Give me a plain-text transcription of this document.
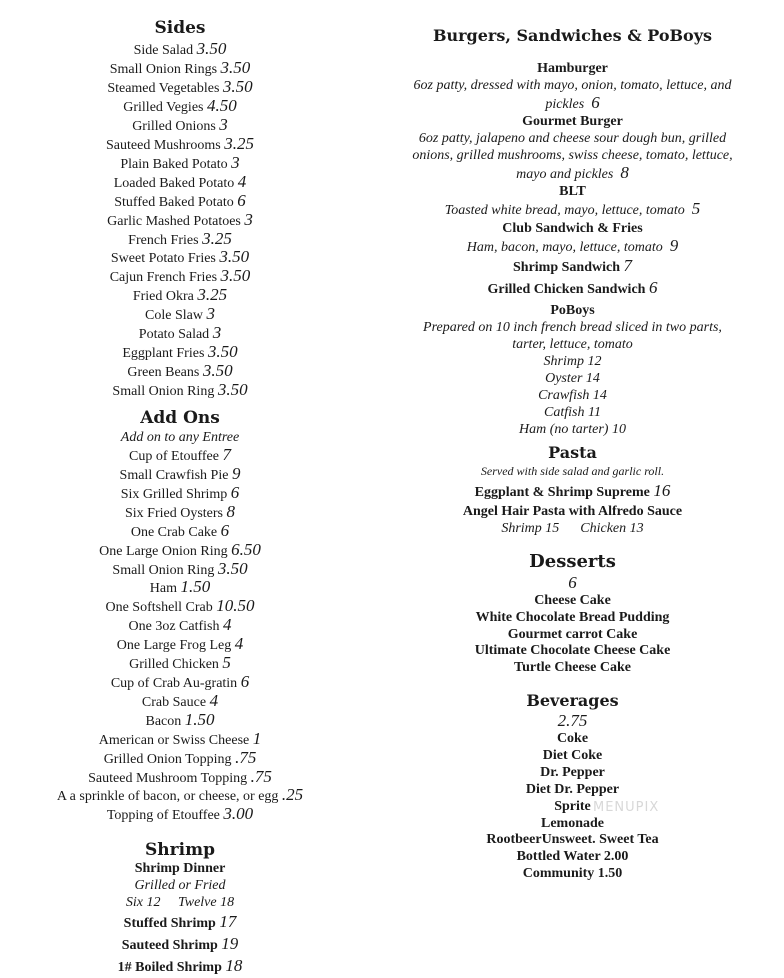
Sides
Side Salad 3.50
Small Onion Rings 3.50
Steamed Vegetables 3.50
Grilled Vegies 4.50
Grilled Onions 3
Sauteed Mushrooms 3.25
Plain Baked Potato 3
Loaded Baked Potato 4
Stuffed Baked Potato 6
Garlic Mashed Potatoes 3
French Fries 3.25
Sweet Potato Fries 3.50
Cajun French Fries 3.50
Fried Okra 3.25
Cole Slaw 3
Potato Salad 3
Eggplant Fries 3.50
Green Beans 3.50
Small Onion Ring 3.50
Add Ons
Add on to any Entree
Cup of Etouffee 7
Small Crawfish Pie 9
Six Grilled Shrimp 6
Six Fried Oysters 8
One Crab Cake 6
One Large Onion Ring 6.50
Small Onion Ring 3.50
Ham 1.50
One Softshell Crab 10.50
One 3oz Catfish 4
One Large Frog Leg 4
Grilled Chicken 5
Cup of Crab Au-gratin 6
Crab Sauce 4
Bacon 1.50
American or Swiss Cheese 1
Grilled Onion Topping .75
Sauteed Mushroom Topping .75
A a sprinkle of bacon, or cheese, or egg .25
Topping of Etouffee 3.00
Shrimp
Shrimp Dinner
Grilled or Fried
Six 12 Twelve 18
Stuffed Shrimp 17
Sauteed Shrimp 19
1# Boiled Shrimp 18
Burgers, Sandwiches & PoBoys
Hamburger
6oz patty, dressed with mayo, onion, tomato, lettuce, and
pickles 6
Gourmet Burger
6oz patty, jalapeno and cheese sour dough bun, grilled
onions, grilled mushrooms, swiss cheese, tomato, lettuce,
mayo and pickles 8
BLT
Toasted white bread, mayo, lettuce, tomato 5
Club Sandwich & Fries
Ham, bacon, mayo, lettuce, tomato 9
Shrimp Sandwich 7
Grilled Chicken Sandwich 6
PoBoys
Prepared on 10 inch french bread sliced in two parts,
tarter, lettuce, tomato
Shrimp 12
Oyster 14
Crawfish 14
Catfish 11
Ham (no tarter) 10
Pasta
Served with side salad and garlic roll.
Eggplant & Shrimp Supreme 16
Angel Hair Pasta with Alfredo Sauce
Shrimp 15 Chicken 13
Desserts
6
Cheese Cake
White Chocolate Bread Pudding
Gourmet carrot Cake
Ultimate Chocolate Cheese Cake
Turtle Cheese Cake
Beverages
2.75
Coke
Diet Coke
Dr. Pepper
Diet Dr. Pepper
Sprite
Lemonade
RootbeerUnsweet. Sweet Tea
Bottled Water 2.00
Community 1.50
MENUPIX
